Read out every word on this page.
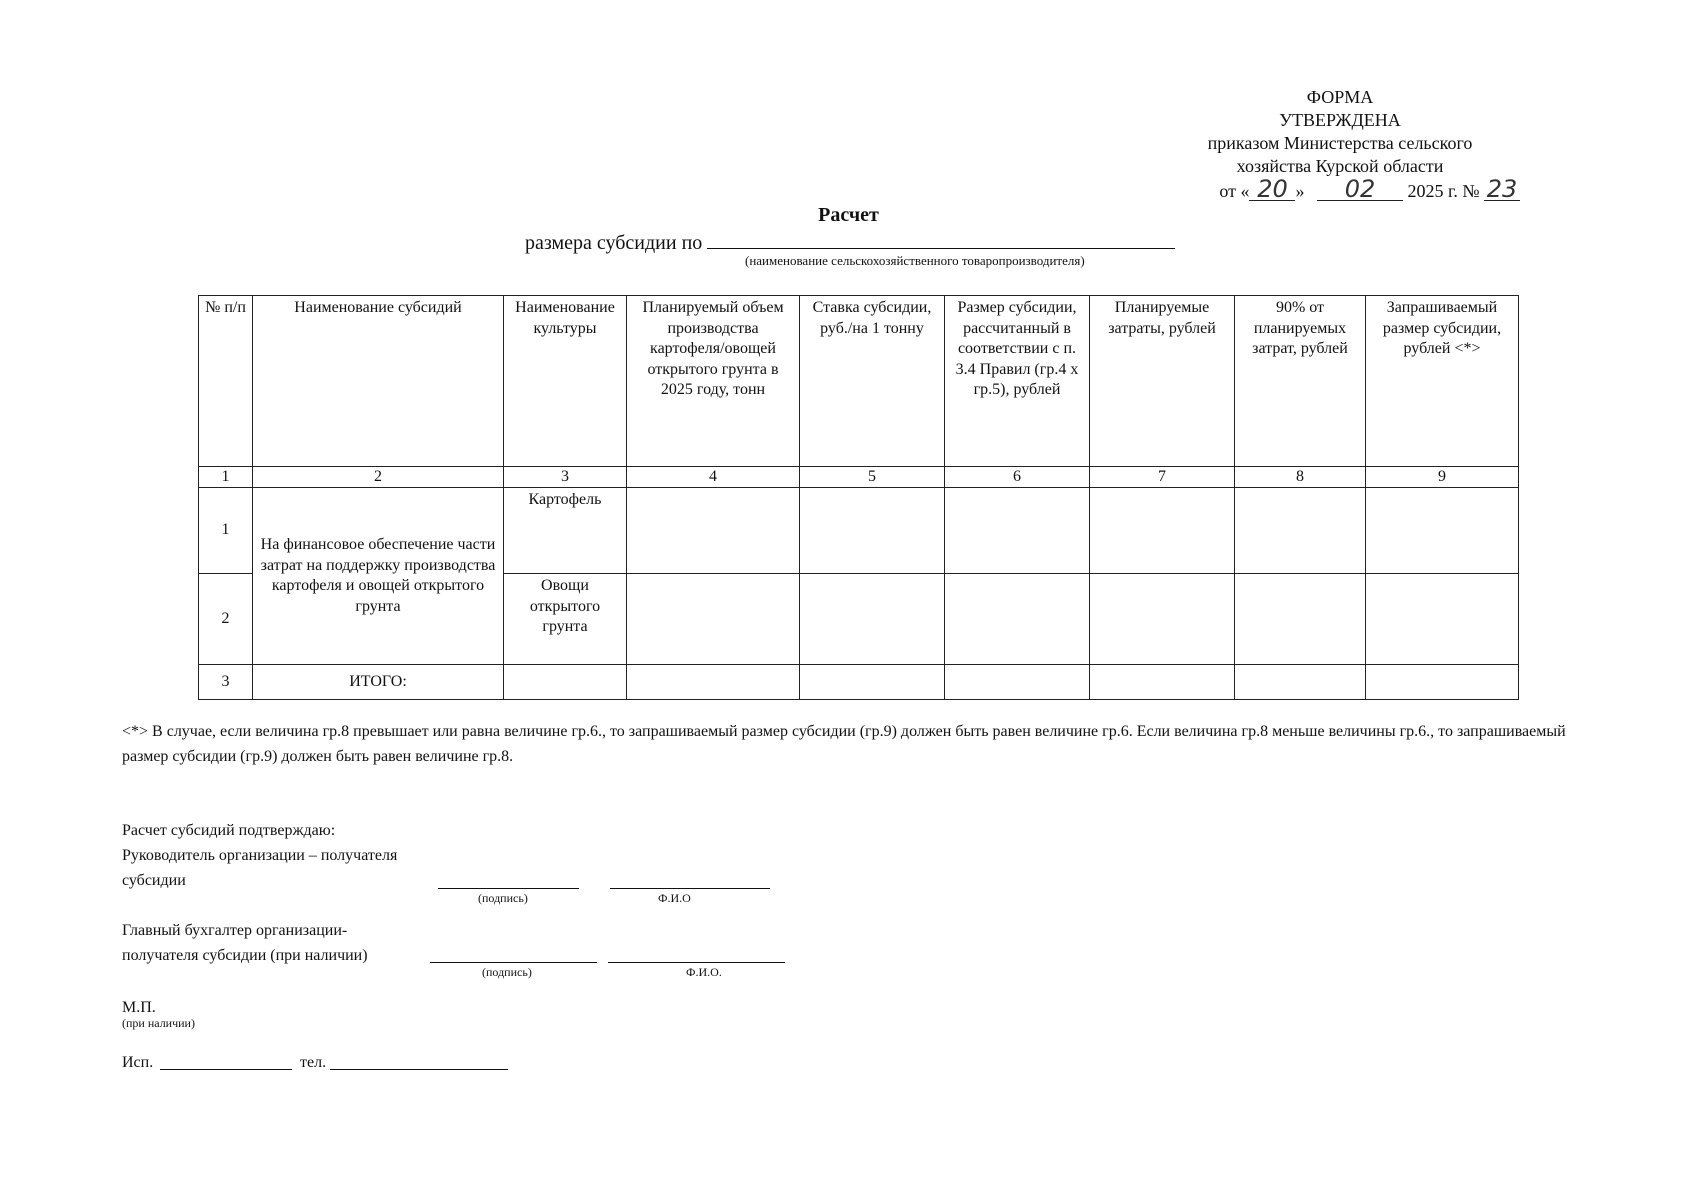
ФОРМА
УТВЕРЖДЕНА
приказом Министерства сельского
хозяйства Курской области
от « 20 » 02 2025 г. № 23
Расчет
размера субсидии по
(наименование сельскохозяйственного товаропроизводителя)
№ п/п	Наименование субсидий	Наименование культуры	Планируемый объем производства картофеля/овощей открытого грунта в 2025 году, тонн	Ставка субсидии, руб./на 1 тонну	Размер субсидии, рассчитанный в соответствии с п. 3.4 Правил (гр.4 х гр.5), рублей	Планируемые затраты, рублей	90% от планируемых затрат, рублей	Запрашиваемый размер субсидии, рублей <*>
1	2	3	4	5	6	7	8	9
1	На финансовое обеспечение части затрат на поддержку производства картофеля и овощей открытого грунта	Картофель						
2		Овощи открытого грунта						
3	ИТОГО:							
<*> В случае, если величина гр.8 превышает или равна величине гр.6., то запрашиваемый размер субсидии (гр.9) должен быть равен величине гр.6. Если величина гр.8 меньше величины гр.6., то запрашиваемый размер субсидии (гр.9) должен быть равен величине гр.8.
Расчет субсидий подтверждаю:
Руководитель организации – получателя
субсидии
(подпись)	Ф.И.О
Главный бухгалтер организации-
получателя субсидии (при наличии)
(подпись)	Ф.И.О.
М.П.
(при наличии)
Исп.	тел.
